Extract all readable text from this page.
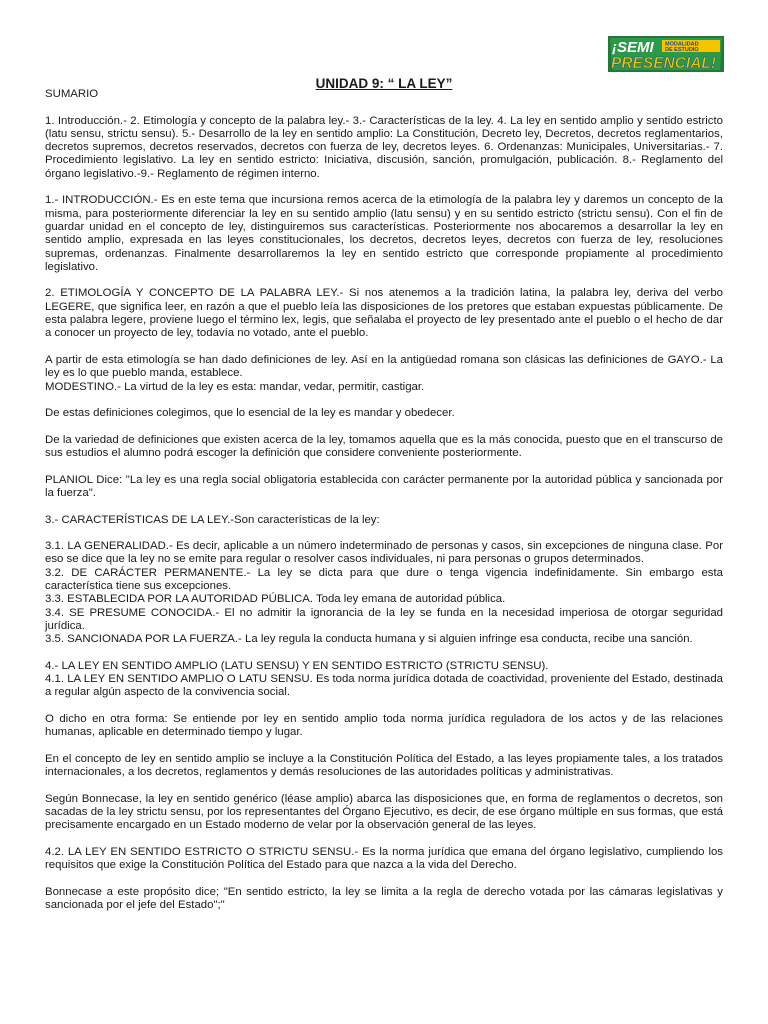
¡SEMI MODALIDAD
DE ESTUDIO
PRESENCIAL!
UNIDAD 9: “ LA LEY”

SUMARIO

1. Introducción.- 2. Etimología y concepto de la palabra ley.- 3.- Características de la ley. 4. La ley en sentido amplio y sentido estricto (latu sensu, strictu sensu). 5.- Desarrollo de la ley en sentido amplio: La Constitución, Decreto ley, Decretos, decretos reglamentarios, decretos supremos, decretos reservados, decretos con fuerza de ley, decretos leyes. 6. Ordenanzas: Municipales, Universitarias.- 7. Procedimiento legislativo. La ley en sentido estricto: Iniciativa, discusión, sanción, promulgación, publicación. 8.- Reglamento del órgano legislativo.-9.- Reglamento de régimen interno.

1.- INTRODUCCIÓN.- Es en este tema que incursiona remos acerca de la etimología de la palabra ley y daremos un concepto de la misma, para posteriormente diferenciar la ley en su sentido amplio (latu sensu) y en su sentido estricto (strictu sensu). Con el fin de guardar unidad en el concepto de ley, distinguiremos sus características. Posteriormente nos abocaremos a desarrollar la ley en sentido amplio, expresada en las leyes constitucionales, los decretos, decretos leyes, decretos con fuerza de ley, resoluciones supremas, ordenanzas. Finalmente desarrollaremos la ley en sentido estricto que corresponde propiamente al procedimiento legislativo.

2. ETIMOLOGÍA Y CONCEPTO DE LA PALABRA LEY.- Si nos atenemos a la tradición latina, la palabra ley, deriva del verbo LEGERE, que significa leer, en razón a que el pueblo leía las disposiciones de los pretores que estaban expuestas públicamente. De esta palabra legere, proviene luego el término lex, legis, que señalaba el proyecto de ley presentado ante el pueblo o el hecho de dar a conocer un proyecto de ley, todavía no votado, ante el pueblo.

A partir de esta etimología se han dado definiciones de ley. Así en la antigüedad romana son clásicas las definiciones de GAYO.- La ley es lo que pueblo manda, establece.
MODESTINO.- La virtud de la ley es esta: mandar, vedar, permitir, castigar.

De estas definiciones colegimos, que lo esencial de la ley es mandar y obedecer.

De la variedad de definiciones que existen acerca de la ley, tomamos aquella que es la más conocida, puesto que en el transcurso de sus estudios el alumno podrá escoger la definición que considere conveniente posteriormente.

PLANIOL Dice: "La ley es una regla social obligatoria establecida con carácter permanente por la autoridad pública y sancionada por la fuerza".

3.- CARACTERÍSTICAS DE LA LEY.-Son características de la ley:

3.1. LA GENERALIDAD.- Es decir, aplicable a un número indeterminado de personas y casos, sin excepciones de ninguna clase. Por eso se dice que la ley no se emite para regular o resolver casos individuales, ni para personas o grupos determinados.
3.2. DE CARÁCTER PERMANENTE.- La ley se dicta para que dure o tenga vigencia indefinidamente. Sin embargo esta característica tiene sus excepciones.
3.3. ESTABLECIDA POR LA AUTORIDAD PÚBLICA. Toda ley emana de autoridad pública.
3.4. SE PRESUME CONOCIDA.- El no admitir la ignorancia de la ley se funda en la necesidad imperiosa de otorgar seguridad jurídica.
3.5. SANCIONADA POR LA FUERZA.- La ley regula la conducta humana y si alguien infringe esa conducta, recibe una sanción.

4.- LA LEY EN SENTIDO AMPLIO (LATU SENSU) Y EN SENTIDO ESTRICTO (STRICTU SENSU).
4.1. LA LEY EN SENTIDO AMPLIO O LATU SENSU. Es toda norma jurídica dotada de coactividad, proveniente del Estado, destinada a regular algún aspecto de la convivencia social.

O dicho en otra forma: Se entiende por ley en sentido amplio toda norma jurídica reguladora de los actos y de las relaciones humanas, aplicable en determinado tiempo y lugar.

En el concepto de ley en sentido amplio se incluye a la Constitución Política del Estado, a las leyes propiamente tales, a los tratados internacionales, a los decretos, reglamentos y demás resoluciones de las autoridades políticas y administrativas.

Según Bonnecase, la ley en sentido genérico (léase amplio) abarca las disposiciones que, en forma de reglamentos o decretos, son sacadas de la ley strictu sensu, por los representantes del Órgano Ejecutivo, es decir, de ese órgano múltiple en sus formas, que está precisamente encargado en un Estado moderno de velar por la observación general de las leyes.

4.2. LA LEY EN SENTIDO ESTRICTO O STRICTU SENSU.- Es la norma jurídica que emana del órgano legislativo, cumpliendo los requisitos que exige la Constitución Política del Estado para que nazca a la vida del Derecho.

Bonnecase a este propósito dice; "En sentido estricto, la ley se limita a la regla de derecho votada por las cámaras legislativas y sancionada por el jefe del Estado";"
